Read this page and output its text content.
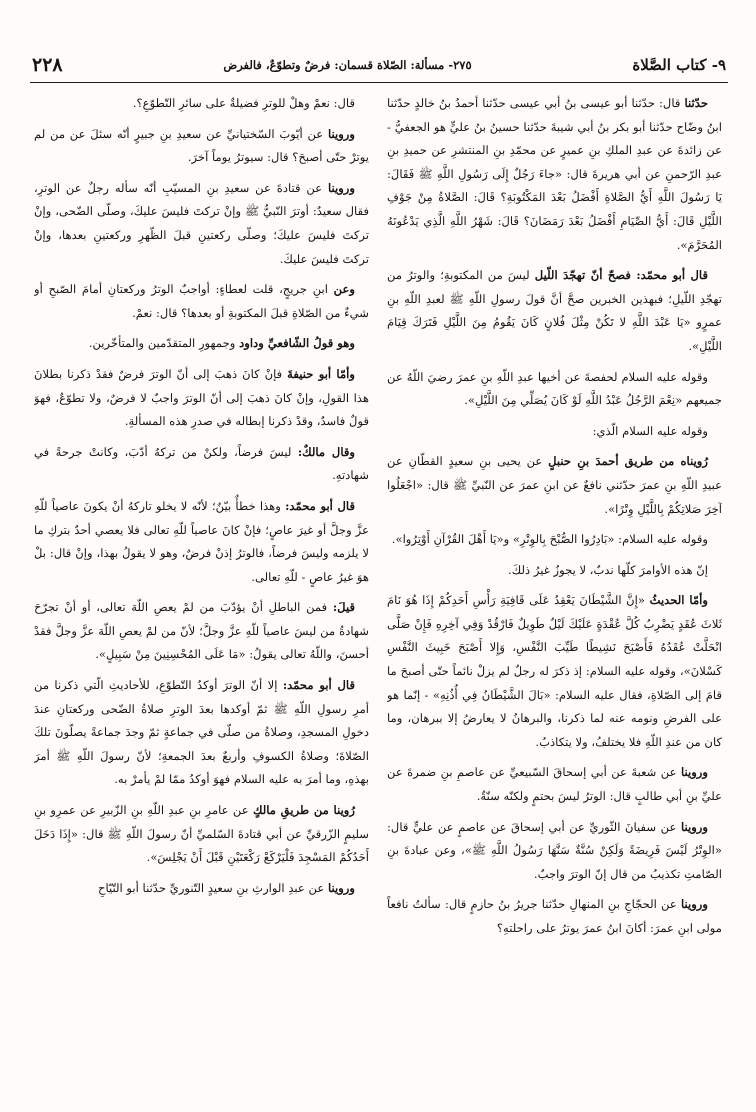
٩- كتاب الصَّلاة
٢٧٥- مسألة: الصّلاة قسمان: فرضٌ وتطوّعٌ، فالفرض
٢٢٨

حدّثنا قال: حدّثنا أبو عيسى بنُ أبي عيسى حدّثنا أحمدُ بنُ خالدٍ حدّثنا ابنُ وضّاح حدّثنا أبو بكر بنُ أبي شيبةَ حدّثنا حسينُ بنُ عليٍّ هو الجعفيُّ - عن زائدةَ عن عبدِ الملكِ بنِ عميرٍ عن محمّدِ بنِ المنتشرِ عن حميدِ بنِ عبدِ الرّحمنِ عن أبي هريرةَ قال: «جاءَ رَجُلٌ إِلَى رَسُولِ اللَّهِ ﷺ فَقَالَ: يَا رَسُولَ اللَّهِ أَيُّ الصَّلاةِ أَفْضَلُ بَعْدَ المَكْتُوبَةِ؟ قَالَ: الصَّلاةُ مِنْ جَوْفِ اللَّيْلِ قَالَ: أَيُّ الصِّيَامِ أَفْضَلُ بَعْدَ رَمَضَانَ؟ قَالَ: شَهْرُ اللَّهِ الَّذِي يَدْعُونَهُ المُحَرَّمَ».

قال أبو محمّد: فصحّ أنّ تهجّدَ اللّيل ليسَ من المكتوبةِ؛ والوترُ من تهجّدِ اللّيلِ؛ فبهذين الخبرين صحَّ أنَّ قولَ رسولِ اللّهِ ﷺ لعبدِ اللّهِ بنِ عمرٍو «يَا عَبْدَ اللَّهِ لا تَكُنْ مِثْلَ فُلانٍ كَانَ يَقُومُ مِنَ اللَّيْلِ فَتَرَكَ قِيَامَ اللَّيْلِ».

وقوله عليه السلام لحفصةَ عن أخيها عبدِ اللّهِ بنِ عمرَ رضيَ اللّهُ عن جميعهم «نِعْمَ الرَّجُلُ عَبْدُ اللَّهِ لَوْ كَانَ يُصَلِّي مِنَ اللَّيْلِ».

وقوله عليه السلام الّذي:

رُويناه من طريق أحمدَ بنِ حنبلٍ عن يحيى بنِ سعيدٍ القطّانِ عن عبيدِ اللّهِ بنِ عمرَ حدّثني نافعٌ عن ابنِ عمرَ عن النّبيِّ ﷺ قال: «اجْعَلُوا آخِرَ صَلاتِكُمْ بِاللَّيْلِ وِتْرًا».

وقوله عليه السلام: «بَادِرُوا الصُّبْحَ بِالوِتْرِ» و«يَا أَهْلَ القُرْآنِ أَوْتِرُوا».

إنّ هذه الأوامرَ كلّها ندبٌ، لا يجوزُ غيرُ ذلكَ.

وأمّا الحديثُ «إِنَّ الشَّيْطَانَ يَعْقِدُ عَلَى قَافِيَةِ رَأْسِ أَحَدِكُمْ إِذَا هُوَ نَامَ ثَلاثَ عُقَدٍ يَضْرِبُ كُلَّ عُقْدَةٍ عَلَيْكَ لَيْلٌ طَوِيلٌ فَارْقُدْ وَفِي آخِرِهِ فَإِنْ صَلَّى انْحَلَّتْ عُقَدُهُ فَأَصْبَحَ نَشِيطًا طَيِّبَ النَّفْسِ، وَإِلا أَصْبَحَ خَبِيثَ النَّفْسِ كَسْلانَ»، وقوله عليه السلام: إذ ذكرَ له رجلٌ لم يزلْ نائماً حتّى أصبحَ ما قامَ إلى الصّلاةِ، فقال عليه السلام: «بَالَ الشَّيْطَانُ فِي أُذُنِهِ» - إنّما هو على الفرضِ ونومه عنه لما ذكرنا، والبرهانُ لا يعارضُ إلا ببرهان، وما كان من عندِ اللّهِ فلا يختلفُ، ولا يتكاذبُ.

وروينا عن شعبةَ عن أبي إسحاقَ السّبيعيِّ عن عاصمِ بنِ ضمرةَ عن عليِّ بنِ أبي طالبٍ قال: الوترُ ليسَ بحتمٍ ولكنّه سنّةٌ.

وروينا عن سفيانَ الثّوريِّ عن أبي إسحاقَ عن عاصمٍ عن عليٍّ قال: «الوِتْرُ لَيْسَ فَرِيضَةً وَلَكِنْ سُنَّةٌ سَنَّهَا رَسُولُ اللَّهِ ﷺ»، وعن عبادةَ بنِ الصّامتِ تكذيبُ من قال إنّ الوترَ واجبٌ.

وروينا عن الحجّاجِ بنِ المنهالِ حدّثنا جريرُ بنُ حازمٍ قال: سألتُ نافعاً مولى ابنِ عمرَ: أكانَ ابنُ عمرَ يوترُ على راحلتهِ؟

قال: نعمْ وهلْ للوترِ فضيلةٌ على سائرِ التّطوّعِ؟.

وروينا عن أيّوبَ السّختيانيِّ عن سعيدِ بنِ جبيرٍ أنّه سئلَ عن من لم يوترْ حتّى أصبحَ؟ قال: سيوترُ يوماً آخرَ.

وروينا عن قتادةَ عن سعيدِ بنِ المسيّبِ أنّه سأله رجلٌ عن الوترِ، فقال سعيدٌ: أوترَ النّبيُّ ﷺ وإنْ تركتَ فليسَ عليكَ، وصلّى الضّحى، وإنْ تركتَ فليسَ عليكَ؛ وصلّى ركعتينِ قبلَ الظّهرِ وركعتينِ بعدها، وإنْ تركتَ فليسَ عليكَ.

وعن ابنِ جريجٍ، قلت لعطاءٍ: أواجبٌ الوترُ وركعتانِ أمامَ الصّبحِ أو شيءٌ من الصّلاةِ قبلَ المكتوبةِ أو بعدها؟ قال: نعمْ.

وهو قولُ الشّافعيِّ وداود وجمهورِ المتقدّمين والمتأخّرين.

وأمّا أبو حنيفةَ فإنْ كانَ ذهبَ إلى أنّ الوترَ فرضٌ فقدْ ذكرنا بطلانَ هذا القولِ، وإنْ كانَ ذهبَ إلى أنّ الوترَ واجبٌ لا فرضٌ، ولا تطوّعٌ، فهوَ قولٌ فاسدٌ، وقدْ ذكرنا إبطاله في صدرِ هذه المسألةِ.

وقال مالكٌ: ليسَ فرضاً، ولكنْ من تركهُ أدّبَ، وكانتْ جرحةً في شهادتهِ.

قال أبو محمّد: وهذا خطأٌ بيّنٌ؛ لأنّه لا يخلو تاركهُ أنْ يكونَ عاصياً للّهِ عزَّ وجلَّ أو غيرَ عاصٍ؛ فإنْ كانَ عاصياً للّهِ تعالى فلا يعصي أحدٌ بتركِ ما لا يلزمه وليسَ فرضاً، فالوترُ إذنْ فرضٌ، وهو لا يقولُ بهذا، وإنْ قال: بلْ هوَ غيرُ عاصٍ - للّهِ تعالى.

قيلَ: فمن الباطلِ أنْ يؤدّبَ من لمْ يعصِ اللّهَ تعالى، أو أنْ تجرّحَ شهادةُ من ليسَ عاصياً للّهِ عزَّ وجلَّ؛ لأنّ من لمْ يعصِ اللّهَ عزَّ وجلَّ فقدْ أحسنَ، واللّهُ تعالى يقولُ: «مَا عَلَى المُحْسِنِينَ مِنْ سَبِيلٍ».

قال أبو محمّد: إلا أنّ الوترَ أوكدُ التّطوّعِ، للأحاديثِ الّتي ذكرنا من أمرِ رسولِ اللّهِ ﷺ ثمّ أوكدها بعدَ الوترِ صلاةُ الضّحى وركعتانِ عندَ دخولِ المسجدِ، وصلاةُ من صلّى في جماعةٍ ثمّ وجدَ جماعةً يصلّونَ تلكَ الصّلاةَ؛ وصلاةُ الكسوفِ وأربعٌ بعدَ الجمعةِ؛ لأنّ رسولَ اللّهِ ﷺ أمرَ بهذهِ، وما أمرَ به عليه السلام فهوَ أوكدُ ممّا لمْ يأمرْ به.

رُوينا من طريقِ مالكٍ عن عامرِ بنِ عبدِ اللّهِ بنِ الزّبيرِ عن عمرِو بنِ سليمٍ الزّرقيِّ عن أبي قتادةَ السّلميِّ أنّ رسولَ اللّهِ ﷺ قال: «إِذَا دَخَلَ أَحَدُكُمْ المَسْجِدَ فَلْيَرْكَعْ رَكْعَتَيْنِ قَبْلَ أَنْ يَجْلِسَ».

وروينا عن عبدِ الوارثِ بنِ سعيدٍ التّنوريِّ حدّثنا أبو التّيّاحِ
